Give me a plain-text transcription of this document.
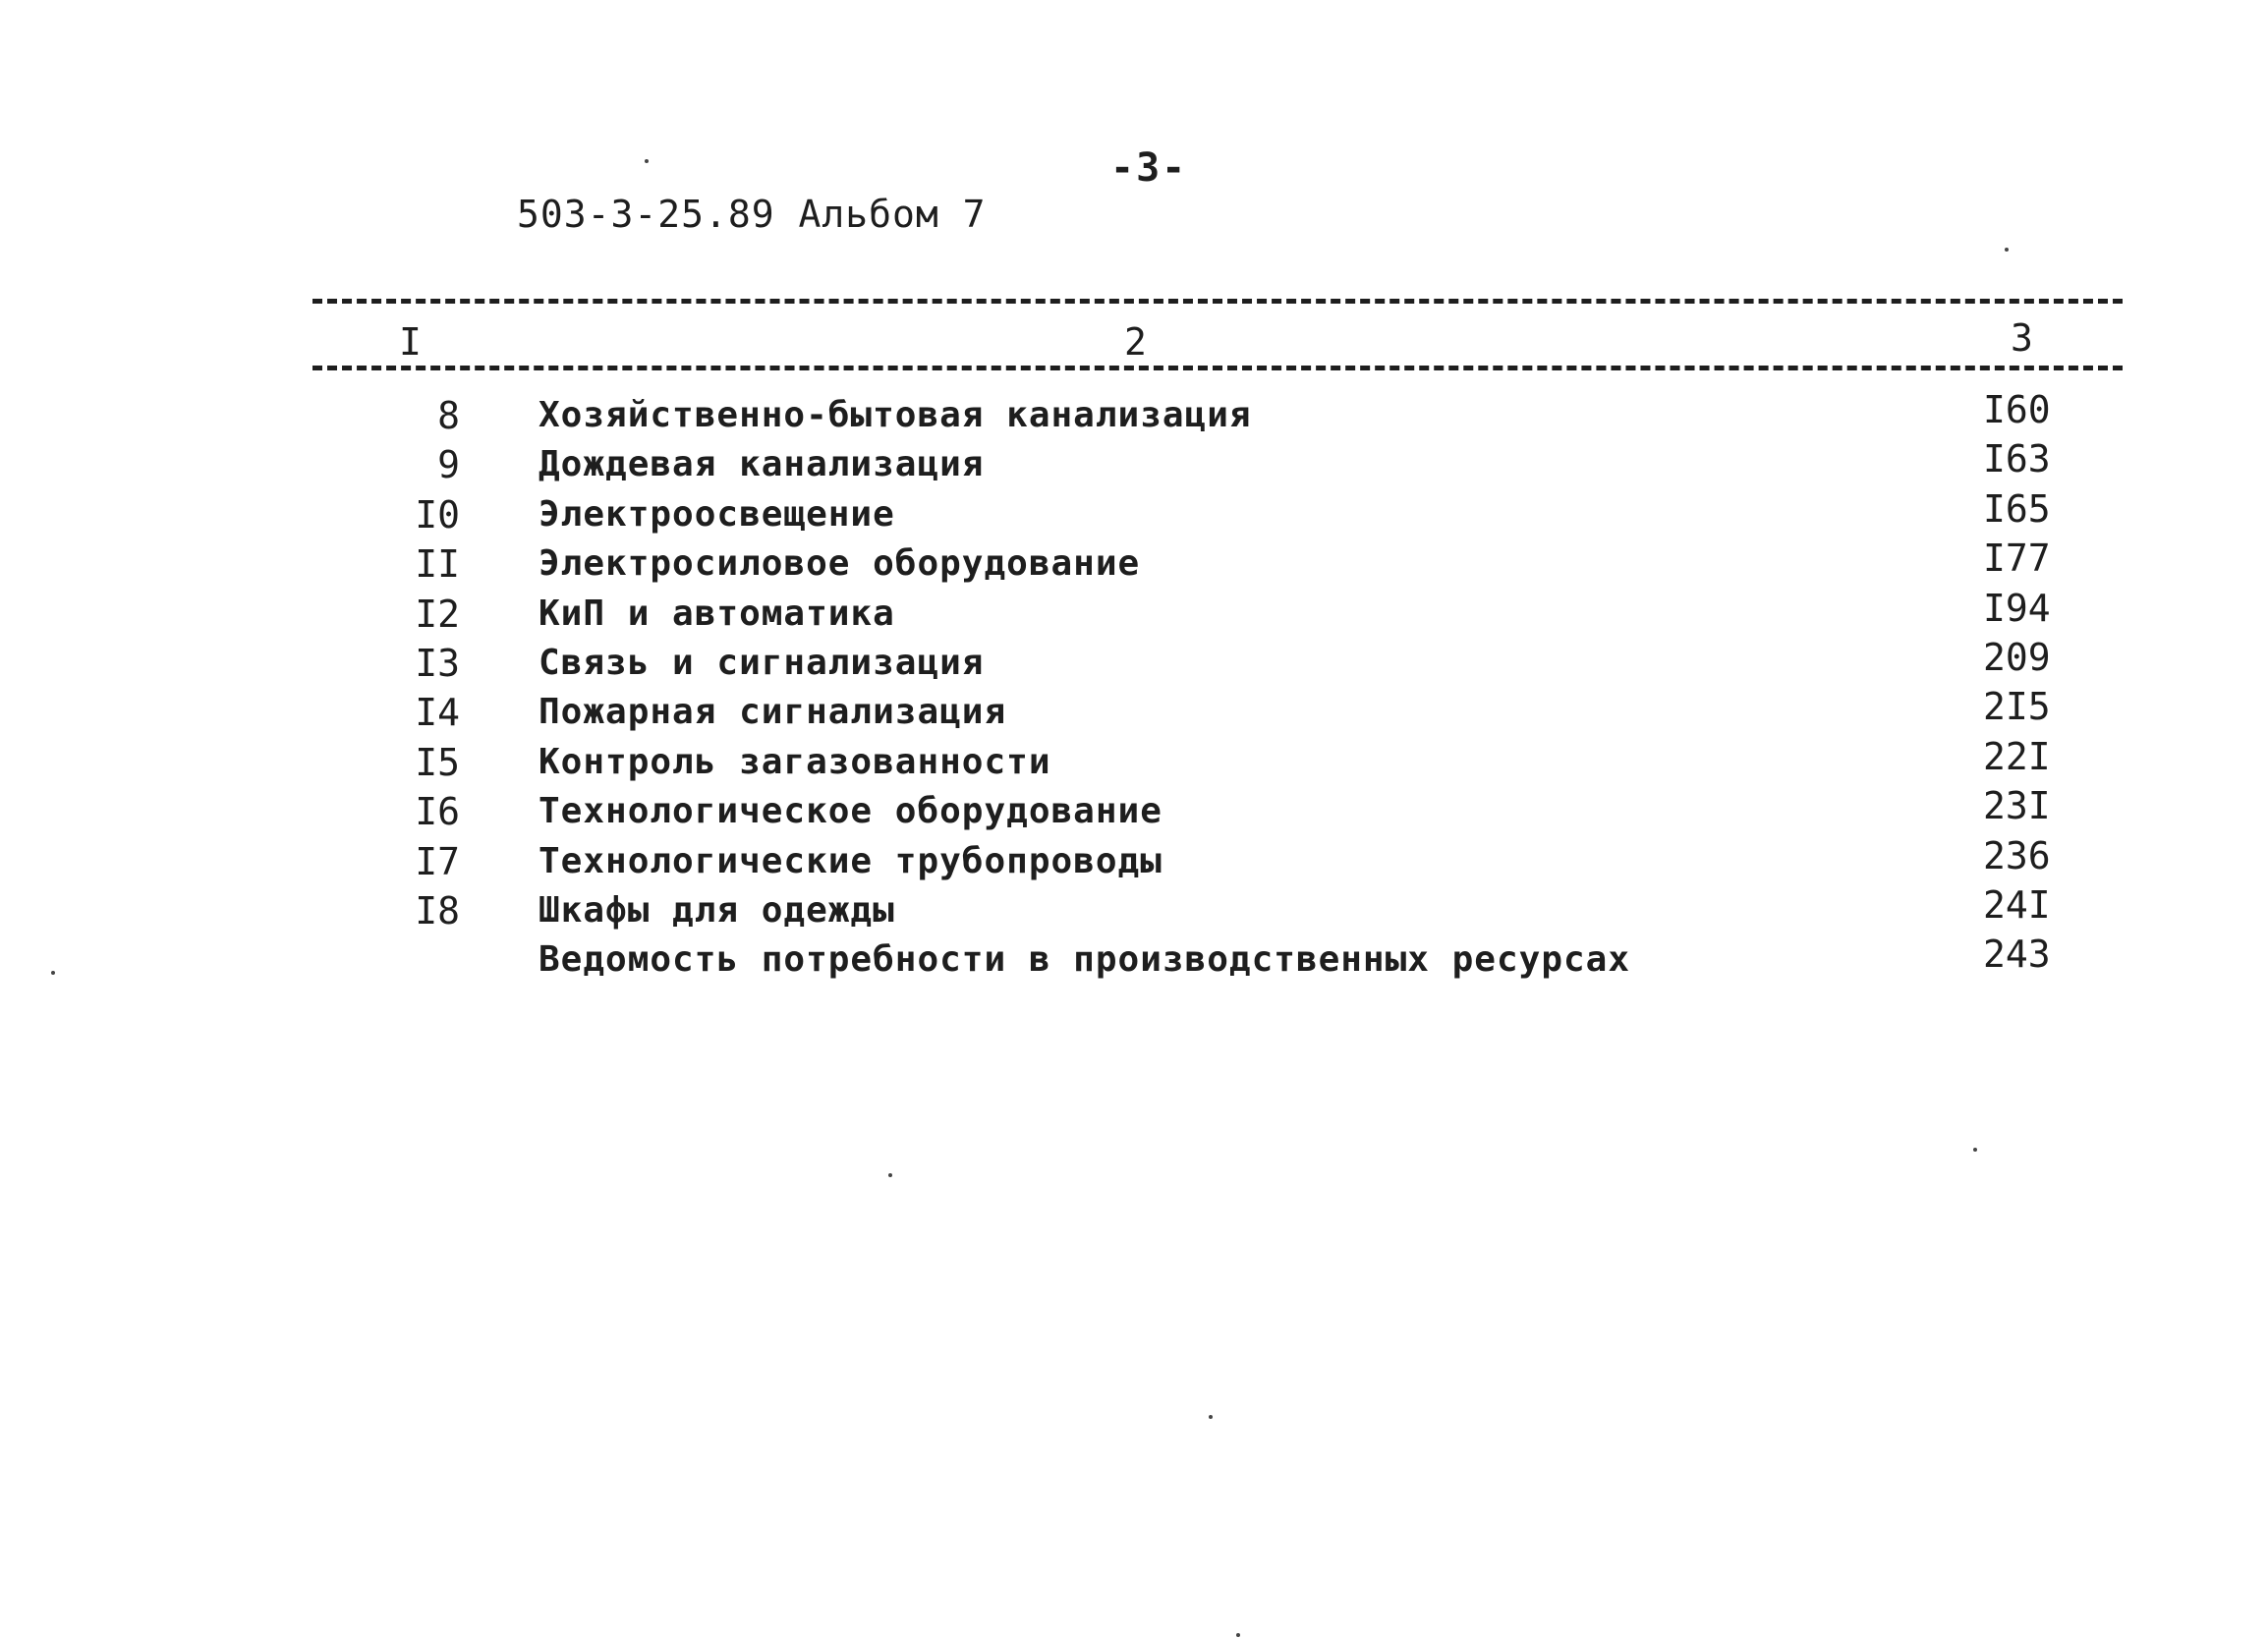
-3-
503-3-25.89 Альбом 7
I	2	3
8 Хозяйственно-бытовая канализация	I60
9 Дождевая канализация	I63
I0 Электроосвещение	I65
II Электросиловое оборудование	I77
I2 КиП и автоматика	I94
I3 Связь и сигнализация	209
I4 Пожарная сигнализация	2I5
I5 Контроль загазованности	22I
I6 Технологическое оборудование	23I
I7 Технологические трубопроводы	236
I8 Шкафы для одежды	24I
Ведомость потребности в производственных ресурсах	243
